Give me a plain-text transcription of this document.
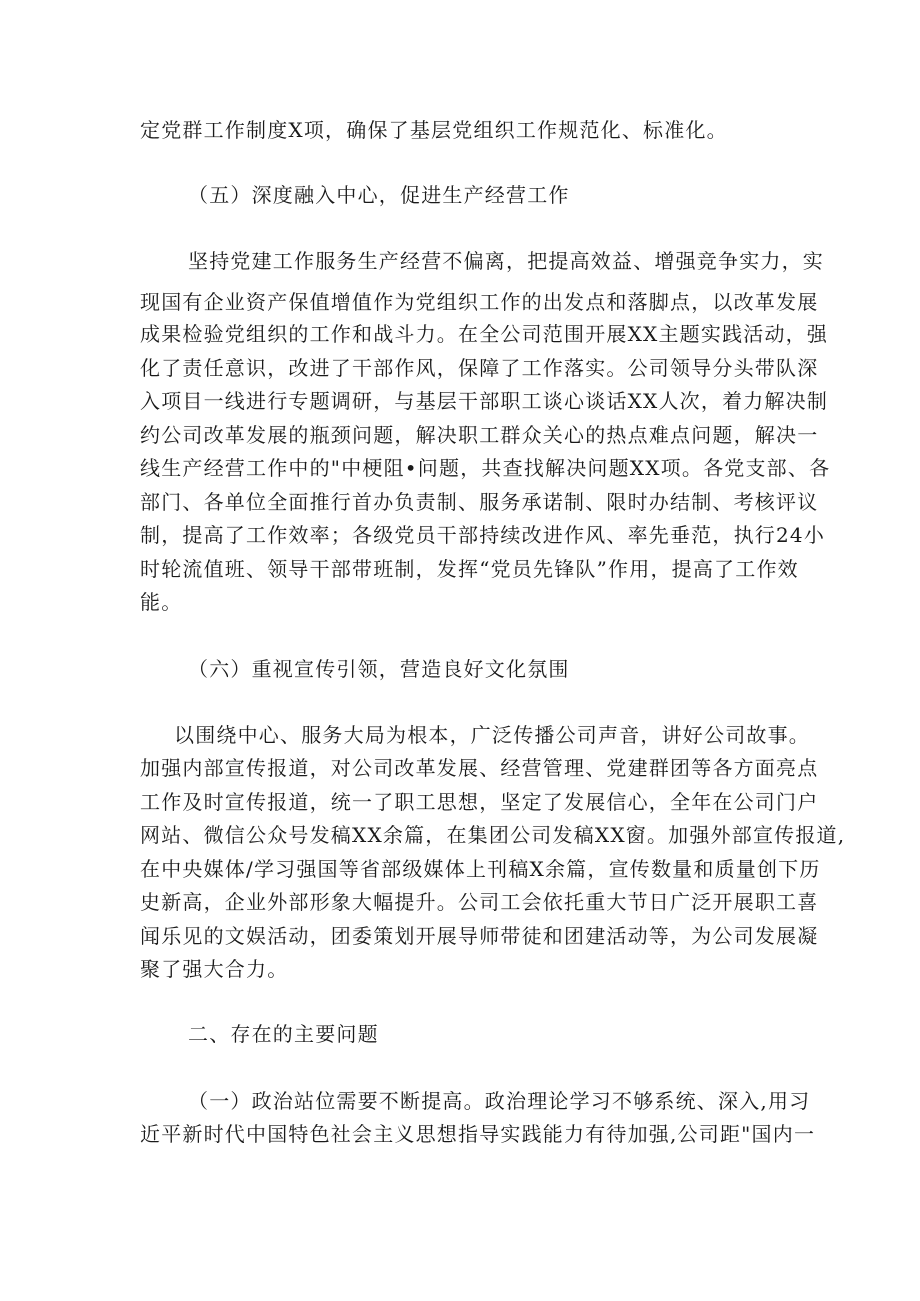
定党群工作制度X项，确保了基层党组织工作规范化、标准化。
（五）深度融入中心，促进生产经营工作
坚持党建工作服务生产经营不偏离，把提高效益、增强竞争实力，实
现国有企业资产保值增值作为党组织工作的出发点和落脚点，以改革发展
成果检验党组织的工作和战斗力。在全公司范围开展XX主题实践活动，强
化了责任意识，改进了干部作风，保障了工作落实。公司领导分头带队深
入项目一线进行专题调研，与基层干部职工谈心谈话XX人次，着力解决制
约公司改革发展的瓶颈问题，解决职工群众关心的热点难点问题，解决一
线生产经营工作中的"中梗阻•问题，共查找解决问题XX项。各党支部、各
部门、各单位全面推行首办负责制、服务承诺制、限时办结制、考核评议
制，提高了工作效率；各级党员干部持续改进作风、率先垂范，执行24小
时轮流值班、领导干部带班制，发挥“党员先锋队”作用，提高了工作效
能。
（六）重视宣传引领，营造良好文化氛围
以围绕中心、服务大局为根本，广泛传播公司声音，讲好公司故事。
加强内部宣传报道，对公司改革发展、经营管理、党建群团等各方面亮点
工作及时宣传报道，统一了职工思想，坚定了发展信心，全年在公司门户
网站、微信公众号发稿XX余篇，在集团公司发稿XX窗。加强外部宣传报道,
在中央媒体/学习强国等省部级媒体上刊稿X余篇，宣传数量和质量创下历
史新高，企业外部形象大幅提升。公司工会依托重大节日广泛开展职工喜
闻乐见的文娱活动，团委策划开展导师带徒和团建活动等，为公司发展凝
聚了强大合力。
二、存在的主要问题
（一）政治站位需要不断提高。政治理论学习不够系统、深入,用习
近平新时代中国特色社会主义思想指导实践能力有待加强,公司距"国内一
